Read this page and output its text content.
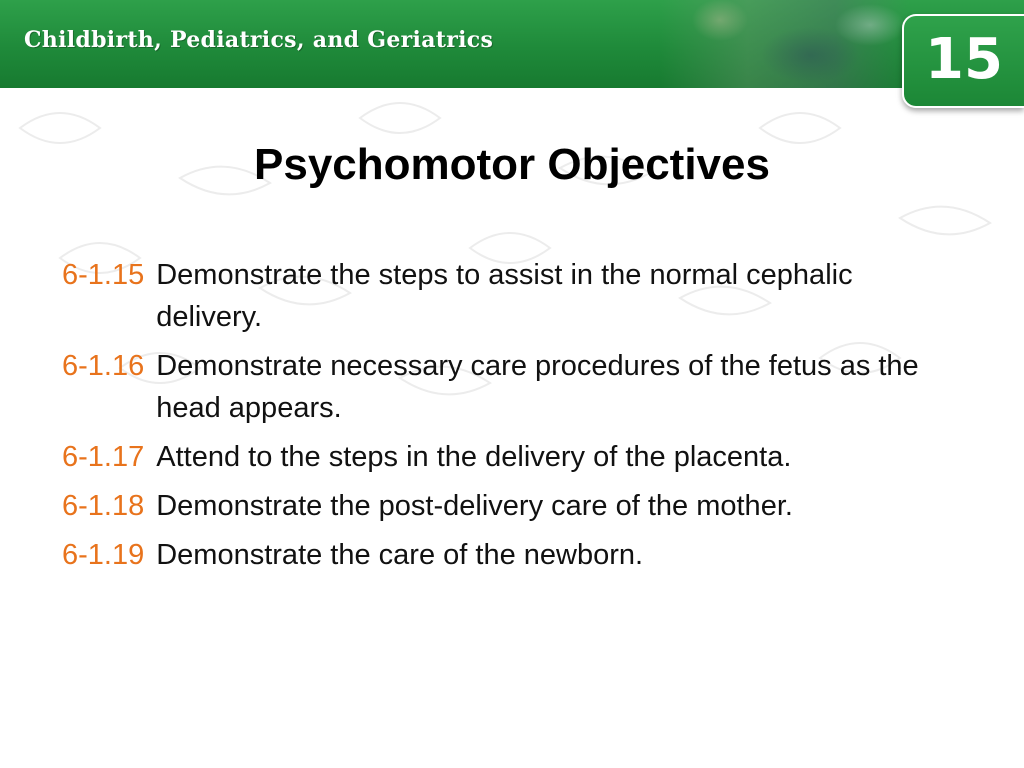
Childbirth, Pediatrics, and Geriatrics	15
Psychomotor Objectives
6-1.15 Demonstrate the steps to assist in the normal cephalic delivery.
6-1.16 Demonstrate necessary care procedures of the fetus as the head appears.
6-1.17 Attend to the steps in the delivery of the placenta.
6-1.18 Demonstrate the post-delivery care of the mother.
6-1.19 Demonstrate the care of the newborn.
